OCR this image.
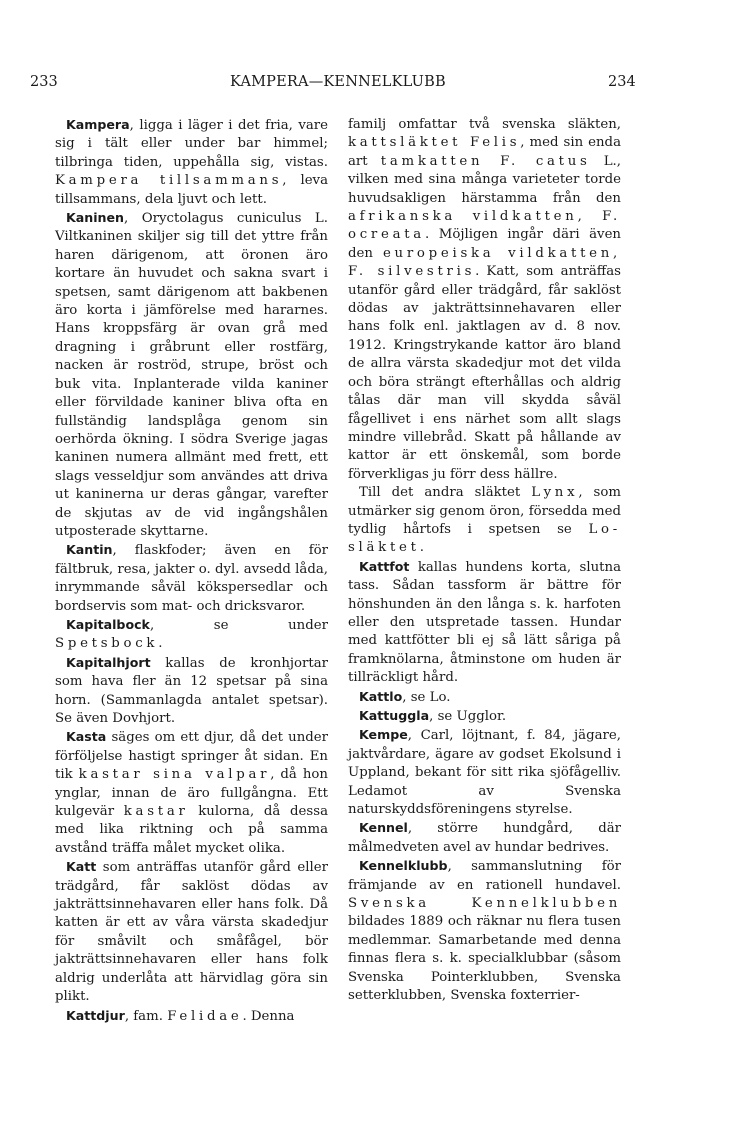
233	KAMPERA—KENNELKLUBB	234

Kampera, ligga i läger i det fria, vare sig i tält eller under bar himmel; tilbringa tiden, uppehålla sig, vistas. Kampera tillsammans, leva tillsammans, dela ljuvt och lett.

Kaninen, Oryctolagus cuniculus L. Viltkaninen skiljer sig till det yttre från haren därigenom, att öronen äro kortare än huvudet och sakna svart i spetsen, samt därigenom att bakbenen äro korta i jämförelse med hararnes. Hans kroppsfärg är ovan grå med dragning i gråbrunt eller rostfärg, nacken är roströd, strupe, bröst och buk vita. Inplanterade vilda kaniner eller förvildade kaniner bliva ofta en fullständig landsplåga genom sin oerhörda ökning. I södra Sverige jagas kaninen numera allmänt med frett, ett slags vesseldjur som användes att driva ut kaninerna ur deras gångar, varefter de skjutas av de vid ingångshålen utposterade skyttarne.

Kantin, flaskfoder; även en för fältbruk, resa, jakter o. dyl. avsedd låda, inrymmande såväl kökspersedlar och bordservis som mat- och dricksvaror.

Kapitalbock, se under Spetsbock.

Kapitalhjort kallas de kronhjortar som hava fler än 12 spetsar på sina horn. (Sammanlagda antalet spetsar). Se även Dovhjort.

Kasta säges om ett djur, då det under förföljelse hastigt springer åt sidan. En tik kastar sina valpar, då hon ynglar, innan de äro fullgångna. Ett kulgevär kastar kulorna, då dessa med lika riktning och på samma avstånd träffa målet mycket olika.

Katt som anträffas utanför gård eller trädgård, får saklöst dödas av jakträttsinnehavaren eller hans folk. Då katten är ett av våra värsta skadedjur för småvilt och småfågel, bör jakträttsinnehavaren eller hans folk aldrig underlåta att härvidlag göra sin plikt.

Kattdjur, fam. Felidae. Denna

familj omfattar två svenska släkten, kattsläktet Felis, med sin enda art tamkatten F. catus L., vilken med sina många varieteter torde huvudsakligen härstamma från den afrikanska vildkatten, F. ocreata. Möjligen ingår däri även den europeiska vildkatten, F. silvestris. Katt, som anträffas utanför gård eller trädgård, får saklöst dödas av jakträttsinnehavaren eller hans folk enl. jaktlagen av d. 8 nov. 1912. Kringstrykande kattor äro bland de allra värsta skadedjur mot det vilda och böra strängt efterhållas och aldrig tålas där man vill skydda såväl fågellivet i ens närhet som allt slags mindre villebråd. Skatt på hållande av kattor är ett önskemål, som borde förverkligas ju förr dess hällre.

Till det andra släktet Lynx, som utmärker sig genom öron, försedda med tydlig hårtofs i spetsen se Lo-släktet.

Kattfot kallas hundens korta, slutna tass. Sådan tassform är bättre för hönshunden än den långa s. k. harfoten eller den utspretade tassen. Hundar med kattfötter bli ej så lätt såriga på framknölarna, åtminstone om huden är tillräckligt hård.

Kattlo, se Lo.

Kattuggla, se Ugglor.

Kempe, Carl, löjtnant, f. 84, jägare, jaktvårdare, ägare av godset Ekolsund i Uppland, bekant för sitt rika sjöfågelliv. Ledamot av Svenska naturskyddsföreningens styrelse.

Kennel, större hundgård, där målmedveten avel av hundar bedrives.

Kennelklubb, sammanslutning för främjande av en rationell hundavel. Svenska Kennelklubben bildades 1889 och räknar nu flera tusen medlemmar. Samarbetande med denna finnas flera s. k. specialklubbar (såsom Svenska Pointerklubben, Svenska setterklubben, Svenska foxterrier-
